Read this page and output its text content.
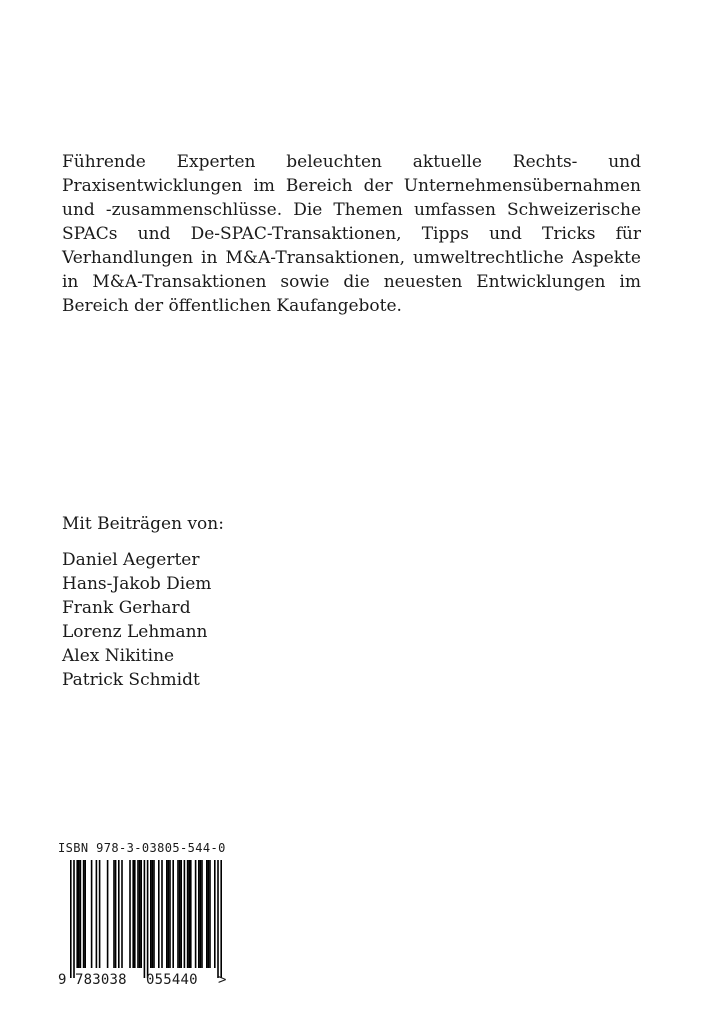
Führende Experten beleuchten aktuelle Rechts- und Praxisentwicklungen im Bereich der Unternehmensübernahmen und -zusammenschlüsse. Die Themen umfassen Schweizerische SPACs und De-SPAC-Transaktionen, Tipps und Tricks für Verhandlungen in M&A-Transaktionen, umweltrechtliche Aspekte in M&A-Transaktionen sowie die neuesten Entwicklungen im Bereich der öffentlichen Kaufangebote.

Mit Beiträgen von:

Daniel Aegerter
Hans-Jakob Diem
Frank Gerhard
Lorenz Lehmann
Alex Nikitine
Patrick Schmidt

ISBN 978-3-03805-544-0

9 783038 055440 >
